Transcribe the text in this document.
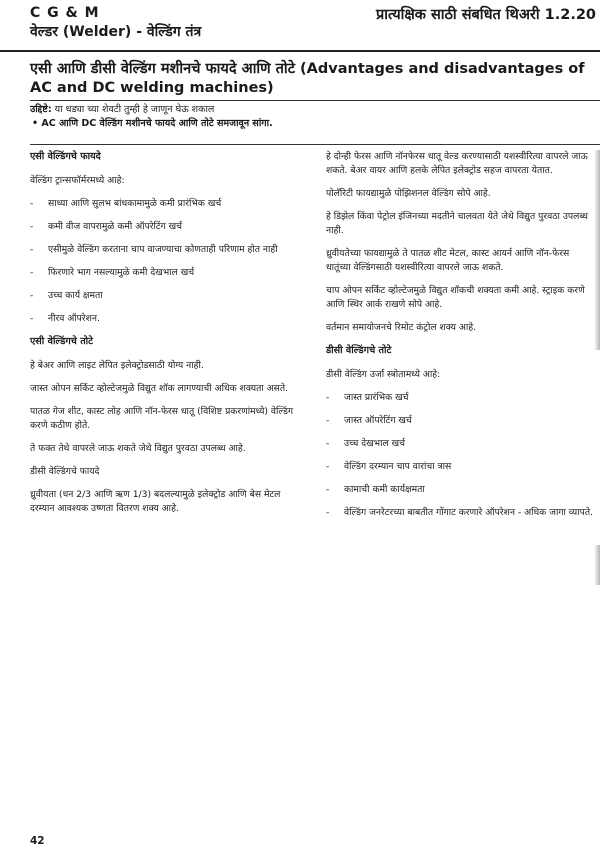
C G & M
वेल्डर (Welder) - वेल्डिंग तंत्र
प्रात्यक्षिक साठी संबधित थिअरी 1.2.20
एसी आणि डीसी वेल्डिंग मशीनचे फायदे आणि तोटे (Advantages and disadvantages of AC and DC welding machines)
उद्दिष्टे: या धड्या च्या शेवटी तुम्ही हे जाणून घेऊ शकाल
• AC आणि DC वेल्डिंग मशीनचे फायदे आणि तोटे समजावून सांगा.
एसी वेल्डिंगचे फायदे
वेल्डिंग ट्रान्सफॉर्मरमध्ये आहे:
- साध्या आणि सुलभ बांधकामामुळे कमी प्रारंभिक खर्च
- कमी वीज वापरामुळे कमी ऑपरेटिंग खर्च
- एसीमुळे वेल्डिंग करताना चाप वाजण्याचा कोणताही परिणाम होत नाही
- फिरणारे भाग नसल्यामुळे कमी देखभाल खर्च
- उच्च कार्य क्षमता
- नीरव ऑपरेशन.
एसी वेल्डिंगचे तोटे
हे बेअर आणि लाइट लेपित इलेक्ट्रोडसाठी योग्य नाही.
जास्त ओपन सर्किट व्होल्टेजमुळे विद्युत शॉक लागण्याची अधिक शक्यता असते.
पातळ गेज शीट, कास्ट लोह आणि नॉन-फेरस धातू (विशिष्ट प्रकरणांमध्ये) वेल्डिंग करणे कठीण होते.
ते फक्त तेथे वापरले जाऊ शकते जेथे विद्युत पुरवठा उपलब्ध आहे.
डीसी वेल्डिंगचे फायदे
ध्रुवीयता (धन 2/3 आणि ऋण 1/3) बदलल्यामुळे इलेक्ट्रोड आणि बेस मेटल दरम्यान आवश्यक उष्णता वितरण शक्य आहे.
हे दोन्ही फेरस आणि नॉनफेरस धातू वेल्ड करण्यासाठी यशस्वीरित्या वापरले जाऊ शकते. बेअर वायर आणि हलके लेपित इलेक्ट्रोड सहज वापरता येतात.
पोलॅरिटी फायद्यामुळे पोझिशनल वेल्डिंग सोपे आहे.
हे डिझेल किंवा पेट्रोल इंजिनच्या मदतीने चालवता येते जेथे विद्युत पुरवठा उपलब्ध नाही.
ध्रुवीयतेच्या फायद्यामुळे ते पातळ शीट मेटल, कास्ट आयर्न आणि नॉन-फेरस धातूंच्या वेल्डिंगसाठी यशस्वीरित्या वापरले जाऊ शकते.
चाप ओपन सर्किट व्होल्टेजमुळे विद्युत शॉकची शक्यता कमी आहे. स्ट्राइक करणे आणि स्थिर आर्क राखणे सोपे आहे.
वर्तमान समायोजनचे रिमोट कंट्रोल शक्य आहे.
डीसी वेल्डिंगचे तोटे
डीसी वेल्डिंग उर्जा स्त्रोतामध्ये आहे:
- जास्त प्रारंभिक खर्च
- जास्त ऑपरेटिंग खर्च
- उच्च देखभाल खर्च
- वेल्डिंग दरम्यान चाप वारांचा त्रास
- कामाची कमी कार्यक्षमता
- वेल्डिंग जनरेटरच्या बाबतीत गोंगाट करणारे ऑपरेशन - अधिक जागा व्यापते.
42
